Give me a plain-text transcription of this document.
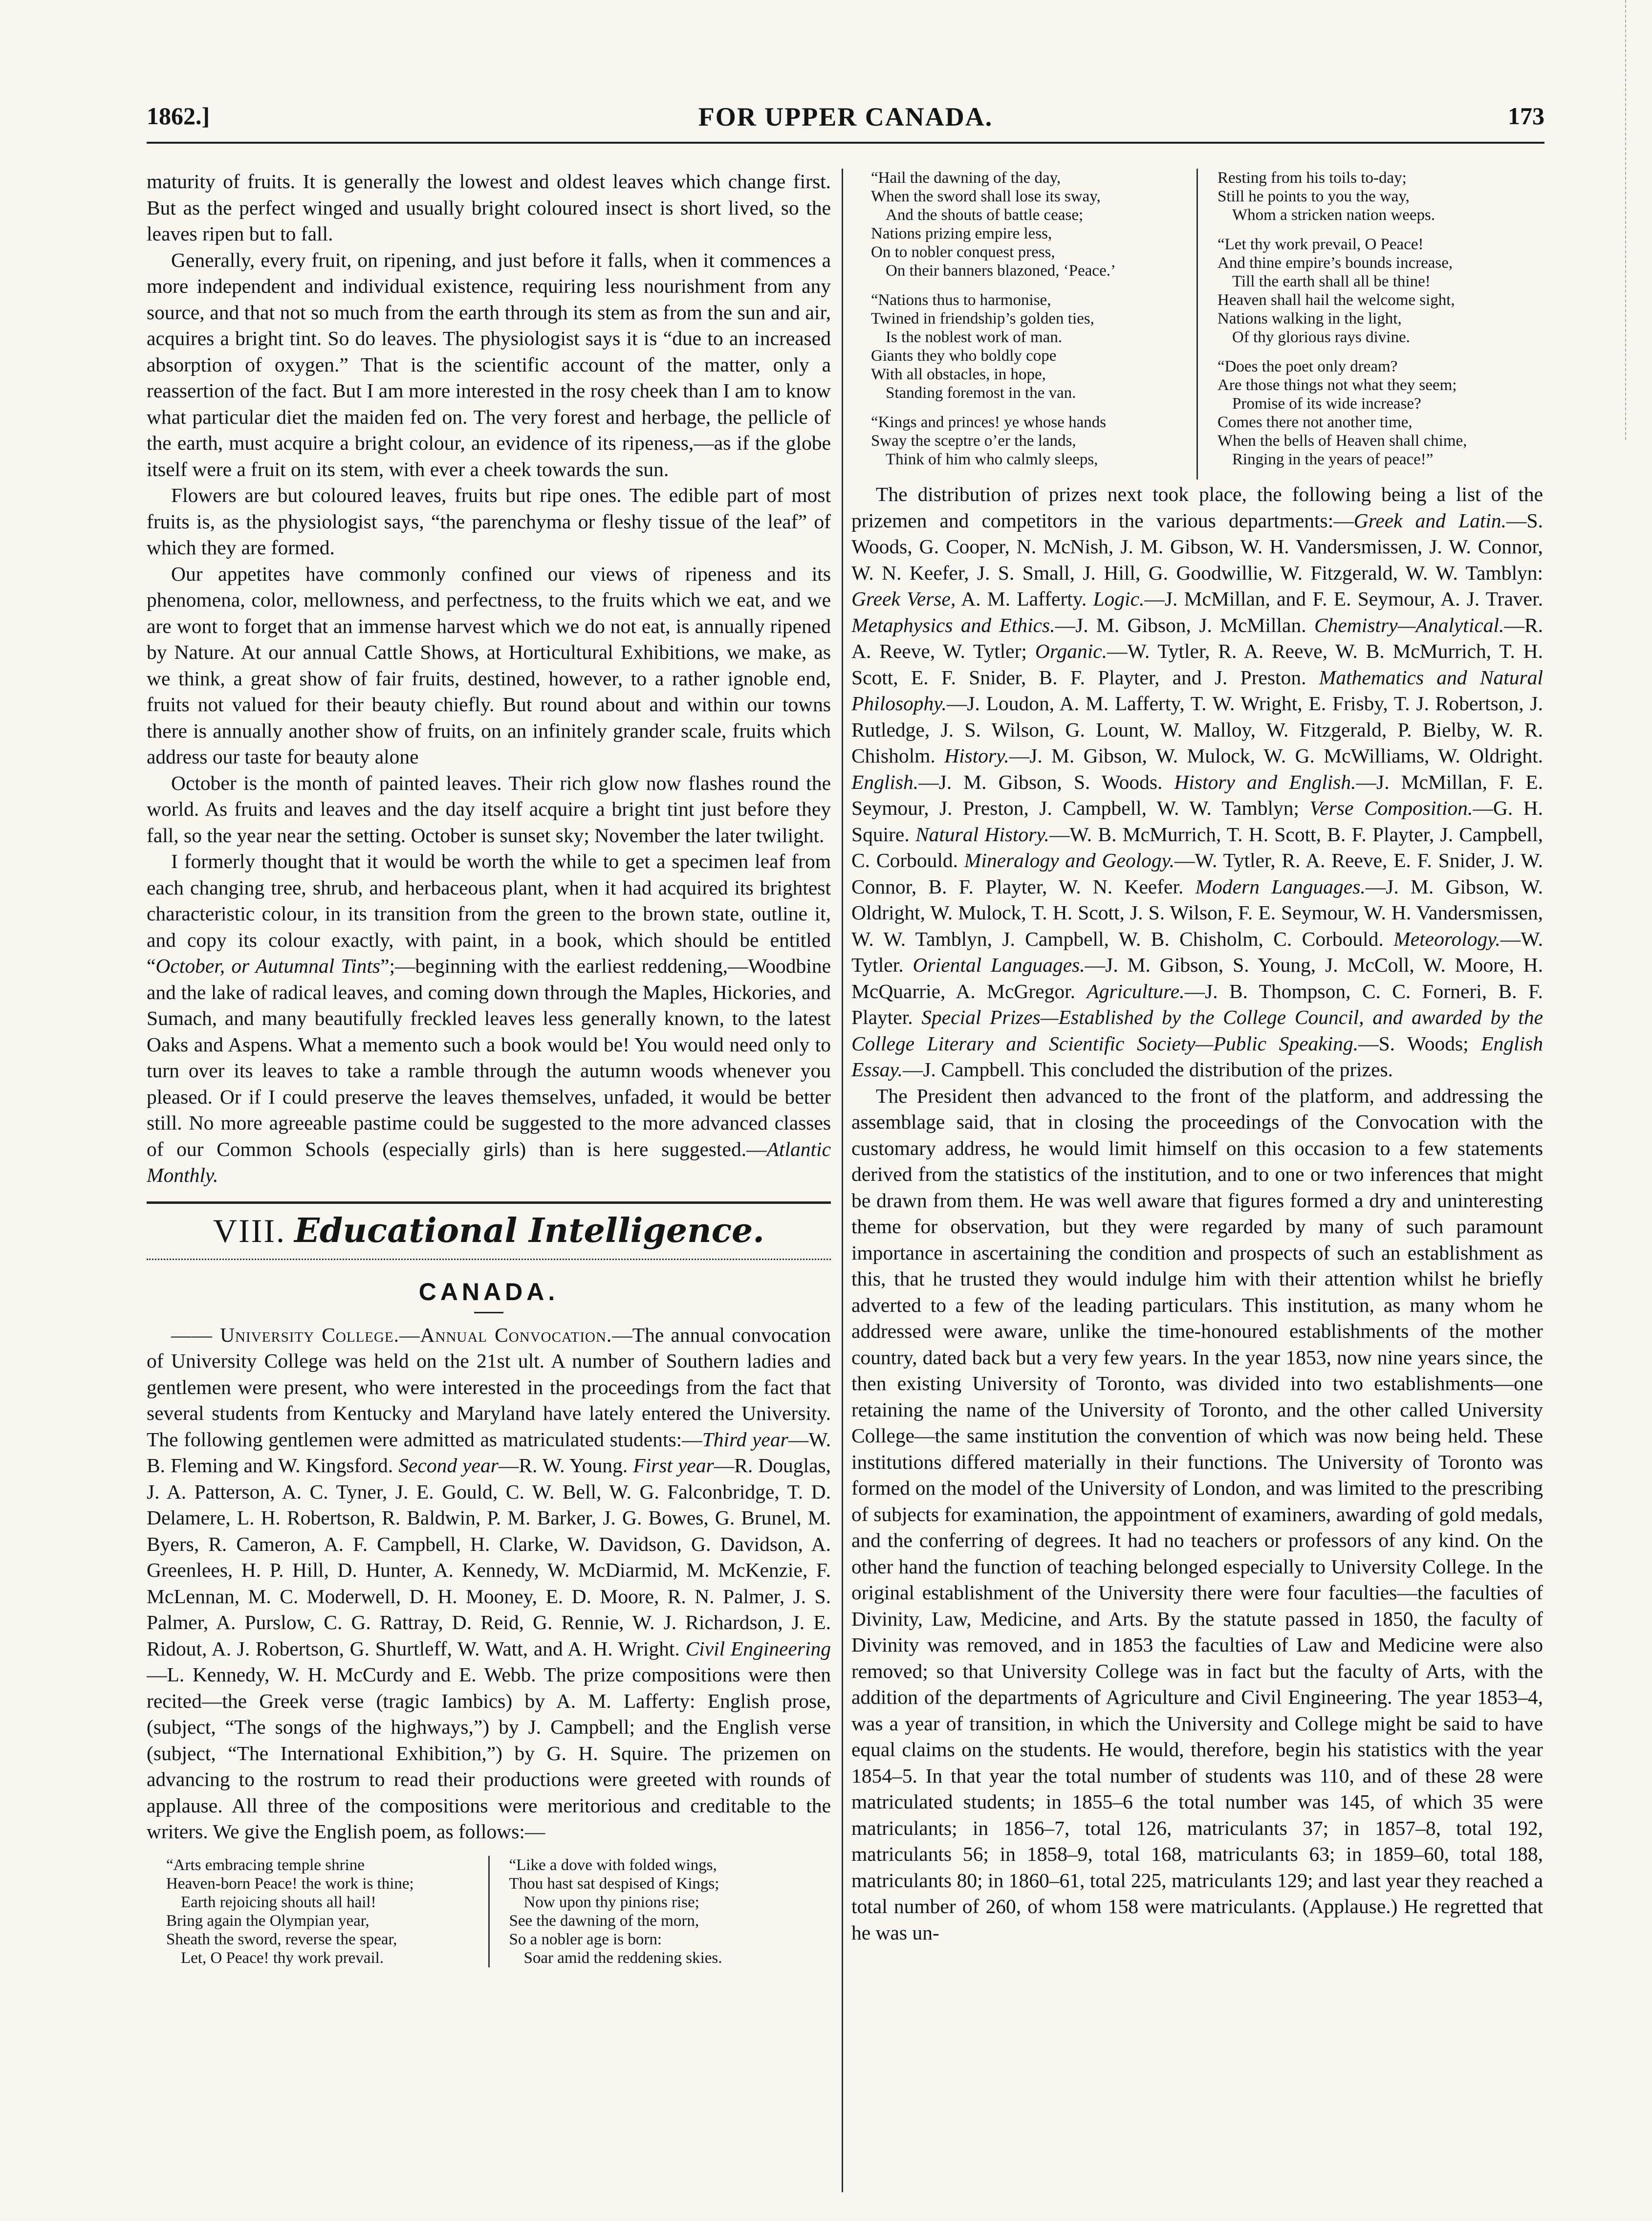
1862.]	FOR UPPER CANADA.	173

maturity of fruits. It is generally the lowest and oldest leaves which change first. But as the perfect winged and usually bright coloured insect is short lived, so the leaves ripen but to fall.

Generally, every fruit, on ripening, and just before it falls, when it commences a more independent and individual existence, requiring less nourishment from any source, and that not so much from the earth through its stem as from the sun and air, acquires a bright tint. So do leaves. The physiologist says it is “due to an increased absorption of oxygen.” That is the scientific account of the matter, only a reassertion of the fact. But I am more interested in the rosy cheek than I am to know what particular diet the maiden fed on. The very forest and herbage, the pellicle of the earth, must acquire a bright colour, an evidence of its ripeness,—as if the globe itself were a fruit on its stem, with ever a cheek towards the sun.

Flowers are but coloured leaves, fruits but ripe ones. The edible part of most fruits is, as the physiologist says, “the parenchyma or fleshy tissue of the leaf” of which they are formed.

Our appetites have commonly confined our views of ripeness and its phenomena, color, mellowness, and perfectness, to the fruits which we eat, and we are wont to forget that an immense harvest which we do not eat, is annually ripened by Nature. At our annual Cattle Shows, at Horticultural Exhibitions, we make, as we think, a great show of fair fruits, destined, however, to a rather ignoble end, fruits not valued for their beauty chiefly. But round about and within our towns there is annually another show of fruits, on an infinitely grander scale, fruits which address our taste for beauty alone

October is the month of painted leaves. Their rich glow now flashes round the world. As fruits and leaves and the day itself acquire a bright tint just before they fall, so the year near the setting. October is sunset sky; November the later twilight.

I formerly thought that it would be worth the while to get a specimen leaf from each changing tree, shrub, and herbaceous plant, when it had acquired its brightest characteristic colour, in its transition from the green to the brown state, outline it, and copy its colour exactly, with paint, in a book, which should be entitled “October, or Autumnal Tints”;—beginning with the earliest reddening,—Woodbine and the lake of radical leaves, and coming down through the Maples, Hickories, and Sumach, and many beautifully freckled leaves less generally known, to the latest Oaks and Aspens. What a memento such a book would be! You would need only to turn over its leaves to take a ramble through the autumn woods whenever you pleased. Or if I could preserve the leaves themselves, unfaded, it would be better still. No more agreeable pastime could be suggested to the more advanced classes of our Common Schools (especially girls) than is here suggested.—Atlantic Monthly.

VIII. Educational Intelligence.
CANADA.

—— University College.—Annual Convocation.—The annual convocation of University College was held on the 21st ult. A number of Southern ladies and gentlemen were present, who were interested in the proceedings from the fact that several students from Kentucky and Maryland have lately entered the University. The following gentlemen were admitted as matriculated students:—Third year—W. B. Fleming and W. Kingsford. Second year—R. W. Young. First year—R. Douglas, J. A. Patterson, A. C. Tyner, J. E. Gould, C. W. Bell, W. G. Falconbridge, T. D. Delamere, L. H. Robertson, R. Baldwin, P. M. Barker, J. G. Bowes, G. Brunel, M. Byers, R. Cameron, A. F. Campbell, H. Clarke, W. Davidson, G. Davidson, A. Greenlees, H. P. Hill, D. Hunter, A. Kennedy, W. McDiarmid, M. McKenzie, F. McLennan, M. C. Moderwell, D. H. Mooney, E. D. Moore, R. N. Palmer, J. S. Palmer, A. Purslow, C. G. Rattray, D. Reid, G. Rennie, W. J. Richardson, J. E. Ridout, A. J. Robertson, G. Shurtleff, W. Watt, and A. H. Wright. Civil Engineering—L. Kennedy, W. H. McCurdy and E. Webb. The prize compositions were then recited—the Greek verse (tragic Iambics) by A. M. Lafferty: English prose, (subject, “The songs of the highways,”) by J. Campbell; and the English verse (subject, “The International Exhibition,”) by G. H. Squire. The prizemen on advancing to the rostrum to read their productions were greeted with rounds of applause. All three of the compositions were meritorious and creditable to the writers. We give the English poem, as follows:—

“Arts embracing temple shrine
Heaven-born Peace! the work is thine;
Earth rejoicing shouts all hail!
Bring again the Olympian year,
Sheath the sword, reverse the spear,
Let, O Peace! thy work prevail.
“Like a dove with folded wings,
Thou hast sat despised of Kings;
Now upon thy pinions rise;
See the dawning of the morn,
So a nobler age is born:
Soar amid the reddening skies.
“Hail the dawning of the day,
When the sword shall lose its sway,
And the shouts of battle cease;
Nations prizing empire less,
On to nobler conquest press,
On their banners blazoned, ‘Peace.’
“Nations thus to harmonise,
Twined in friendship’s golden ties,
Is the noblest work of man.
Giants they who boldly cope
With all obstacles, in hope,
Standing foremost in the van.
“Kings and princes! ye whose hands
Sway the sceptre o’er the lands,
Think of him who calmly sleeps,
Resting from his toils to-day;
Still he points to you the way,
Whom a stricken nation weeps.
“Let thy work prevail, O Peace!
And thine empire’s bounds increase,
Till the earth shall all be thine!
Heaven shall hail the welcome sight,
Nations walking in the light,
Of thy glorious rays divine.
“Does the poet only dream?
Are those things not what they seem;
Promise of its wide increase?
Comes there not another time,
When the bells of Heaven shall chime,
Ringing in the years of peace!”

The distribution of prizes next took place, the following being a list of the prizemen and competitors in the various departments:—Greek and Latin.—S. Woods, G. Cooper, N. McNish, J. M. Gibson, W. H. Vandersmissen, J. W. Connor, W. N. Keefer, J. S. Small, J. Hill, G. Goodwillie, W. Fitzgerald, W. W. Tamblyn: Greek Verse, A. M. Lafferty. Logic.—J. McMillan, and F. E. Seymour, A. J. Traver. Metaphysics and Ethics.—J. M. Gibson, J. McMillan. Chemistry—Analytical.—R. A. Reeve, W. Tytler; Organic.—W. Tytler, R. A. Reeve, W. B. McMurrich, T. H. Scott, E. F. Snider, B. F. Playter, and J. Preston. Mathematics and Natural Philosophy.—J. Loudon, A. M. Lafferty, T. W. Wright, E. Frisby, T. J. Robertson, J. Rutledge, J. S. Wilson, G. Lount, W. Malloy, W. Fitzgerald, P. Bielby, W. R. Chisholm. History.—J. M. Gibson, W. Mulock, W. G. McWilliams, W. Oldright. English.—J. M. Gibson, S. Woods. History and English.—J. McMillan, F. E. Seymour, J. Preston, J. Campbell, W. W. Tamblyn; Verse Composition.—G. H. Squire. Natural History.—W. B. McMurrich, T. H. Scott, B. F. Playter, J. Campbell, C. Corbould. Mineralogy and Geology.—W. Tytler, R. A. Reeve, E. F. Snider, J. W. Connor, B. F. Playter, W. N. Keefer. Modern Languages.—J. M. Gibson, W. Oldright, W. Mulock, T. H. Scott, J. S. Wilson, F. E. Seymour, W. H. Vandersmissen, W. W. Tamblyn, J. Campbell, W. B. Chisholm, C. Corbould. Meteorology.—W. Tytler. Oriental Languages.—J. M. Gibson, S. Young, J. McColl, W. Moore, H. McQuarrie, A. McGregor. Agriculture.—J. B. Thompson, C. C. Forneri, B. F. Playter. Special Prizes—Established by the College Council, and awarded by the College Literary and Scientific Society—Public Speaking.—S. Woods; English Essay.—J. Campbell. This concluded the distribution of the prizes.

The President then advanced to the front of the platform, and addressing the assemblage said, that in closing the proceedings of the Convocation with the customary address, he would limit himself on this occasion to a few statements derived from the statistics of the institution, and to one or two inferences that might be drawn from them. He was well aware that figures formed a dry and uninteresting theme for observation, but they were regarded by many of such paramount importance in ascertaining the condition and prospects of such an establishment as this, that he trusted they would indulge him with their attention whilst he briefly adverted to a few of the leading particulars. This institution, as many whom he addressed were aware, unlike the time-honoured establishments of the mother country, dated back but a very few years. In the year 1853, now nine years since, the then existing University of Toronto, was divided into two establishments—one retaining the name of the University of Toronto, and the other called University College—the same institution the convention of which was now being held. These institutions differed materially in their functions. The University of Toronto was formed on the model of the University of London, and was limited to the prescribing of subjects for examination, the appointment of examiners, awarding of gold medals, and the conferring of degrees. It had no teachers or professors of any kind. On the other hand the function of teaching belonged especially to University College. In the original establishment of the University there were four faculties—the faculties of Divinity, Law, Medicine, and Arts. By the statute passed in 1850, the faculty of Divinity was removed, and in 1853 the faculties of Law and Medicine were also removed; so that University College was in fact but the faculty of Arts, with the addition of the departments of Agriculture and Civil Engineering. The year 1853–4, was a year of transition, in which the University and College might be said to have equal claims on the students. He would, therefore, begin his statistics with the year 1854–5. In that year the total number of students was 110, and of these 28 were matriculated students; in 1855–6 the total number was 145, of which 35 were matriculants; in 1856–7, total 126, matriculants 37; in 1857–8, total 192, matriculants 56; in 1858–9, total 168, matriculants 63; in 1859–60, total 188, matriculants 80; in 1860–61, total 225, matriculants 129; and last year they reached a total number of 260, of whom 158 were matriculants. (Applause.) He regretted that he was un-
